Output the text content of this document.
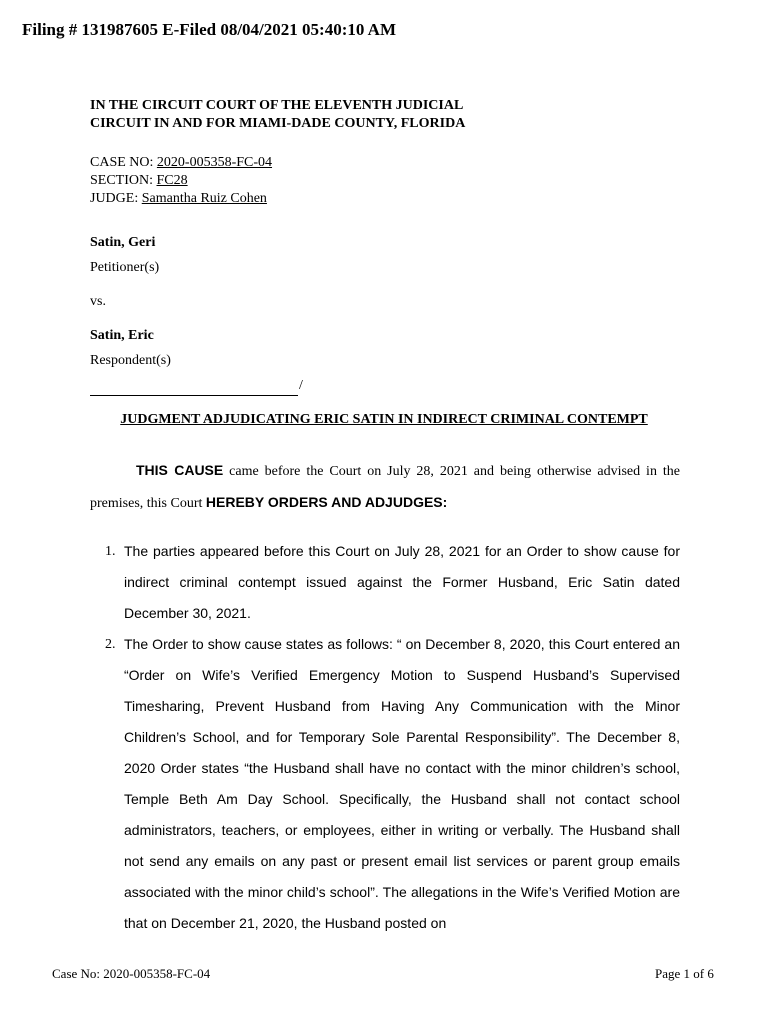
Filing # 131987605 E-Filed 08/04/2021 05:40:10 AM
IN THE CIRCUIT COURT OF THE ELEVENTH JUDICIAL
CIRCUIT IN AND FOR MIAMI-DADE COUNTY, FLORIDA
CASE NO: 2020-005358-FC-04
SECTION: FC28
JUDGE: Samantha Ruiz Cohen
Satin, Geri
Petitioner(s)
vs.
Satin, Eric
Respondent(s)
/
JUDGMENT ADJUDICATING ERIC SATIN IN INDIRECT CRIMINAL CONTEMPT
THIS CAUSE came before the Court on July 28, 2021 and being otherwise advised in the premises, this Court HEREBY ORDERS AND ADJUDGES:
1. The parties appeared before this Court on July 28, 2021 for an Order to show cause for indirect criminal contempt issued against the Former Husband, Eric Satin dated December 30, 2021.
2. The Order to show cause states as follows: “ on December 8, 2020, this Court entered an “Order on Wife’s Verified Emergency Motion to Suspend Husband’s Supervised Timesharing, Prevent Husband from Having Any Communication with the Minor Children’s School, and for Temporary Sole Parental Responsibility”. The December 8, 2020 Order states “the Husband shall have no contact with the minor children’s school, Temple Beth Am Day School. Specifically, the Husband shall not contact school administrators, teachers, or employees, either in writing or verbally. The Husband shall not send any emails on any past or present email list services or parent group emails associated with the minor child’s school”. The allegations in the Wife’s Verified Motion are that on December 21, 2020, the Husband posted on
Case No: 2020-005358-FC-04	Page 1 of 6
